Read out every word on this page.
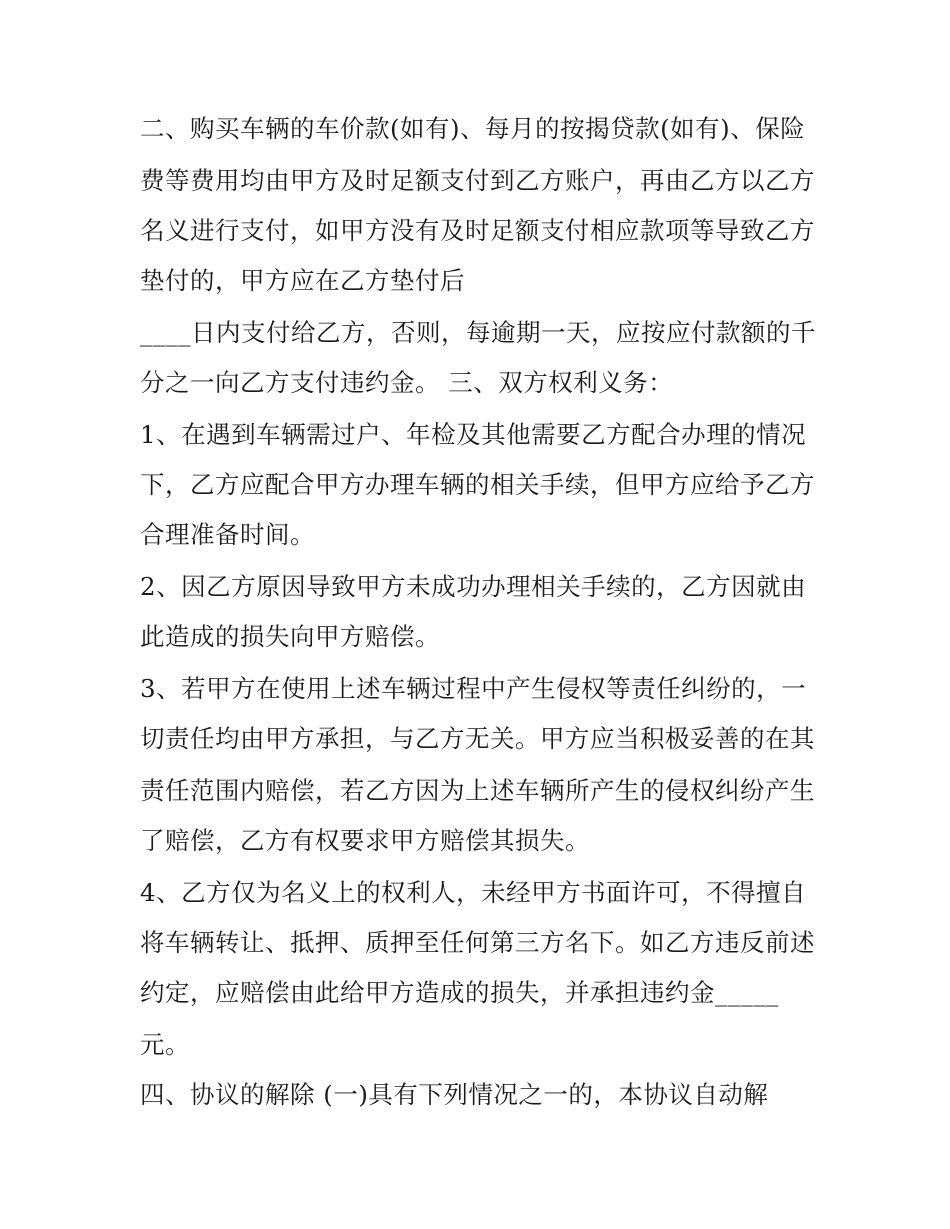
二、购买车辆的车价款(如有)、每月的按揭贷款(如有)、保险

费等费用均由甲方及时足额支付到乙方账户，再由乙方以乙方

名义进行支付，如甲方没有及时足额支付相应款项等导致乙方

垫付的，甲方应在乙方垫付后

____日内支付给乙方，否则，每逾期一天，应按应付款额的千

分之一向乙方支付违约金。 三、双方权利义务：

1、在遇到车辆需过户、年检及其他需要乙方配合办理的情况

下，乙方应配合甲方办理车辆的相关手续，但甲方应给予乙方

合理准备时间。

2、因乙方原因导致甲方未成功办理相关手续的，乙方因就由

此造成的损失向甲方赔偿。

3、若甲方在使用上述车辆过程中产生侵权等责任纠纷的，一

切责任均由甲方承担，与乙方无关。甲方应当积极妥善的在其

责任范围内赔偿，若乙方因为上述车辆所产生的侵权纠纷产生

了赔偿，乙方有权要求甲方赔偿其损失。

4、乙方仅为名义上的权利人，未经甲方书面许可，不得擅自

将车辆转让、抵押、质押至任何第三方名下。如乙方违反前述

约定，应赔偿由此给甲方造成的损失，并承担违约金_____

元。

四、协议的解除 (一)具有下列情况之一的，本协议自动解
